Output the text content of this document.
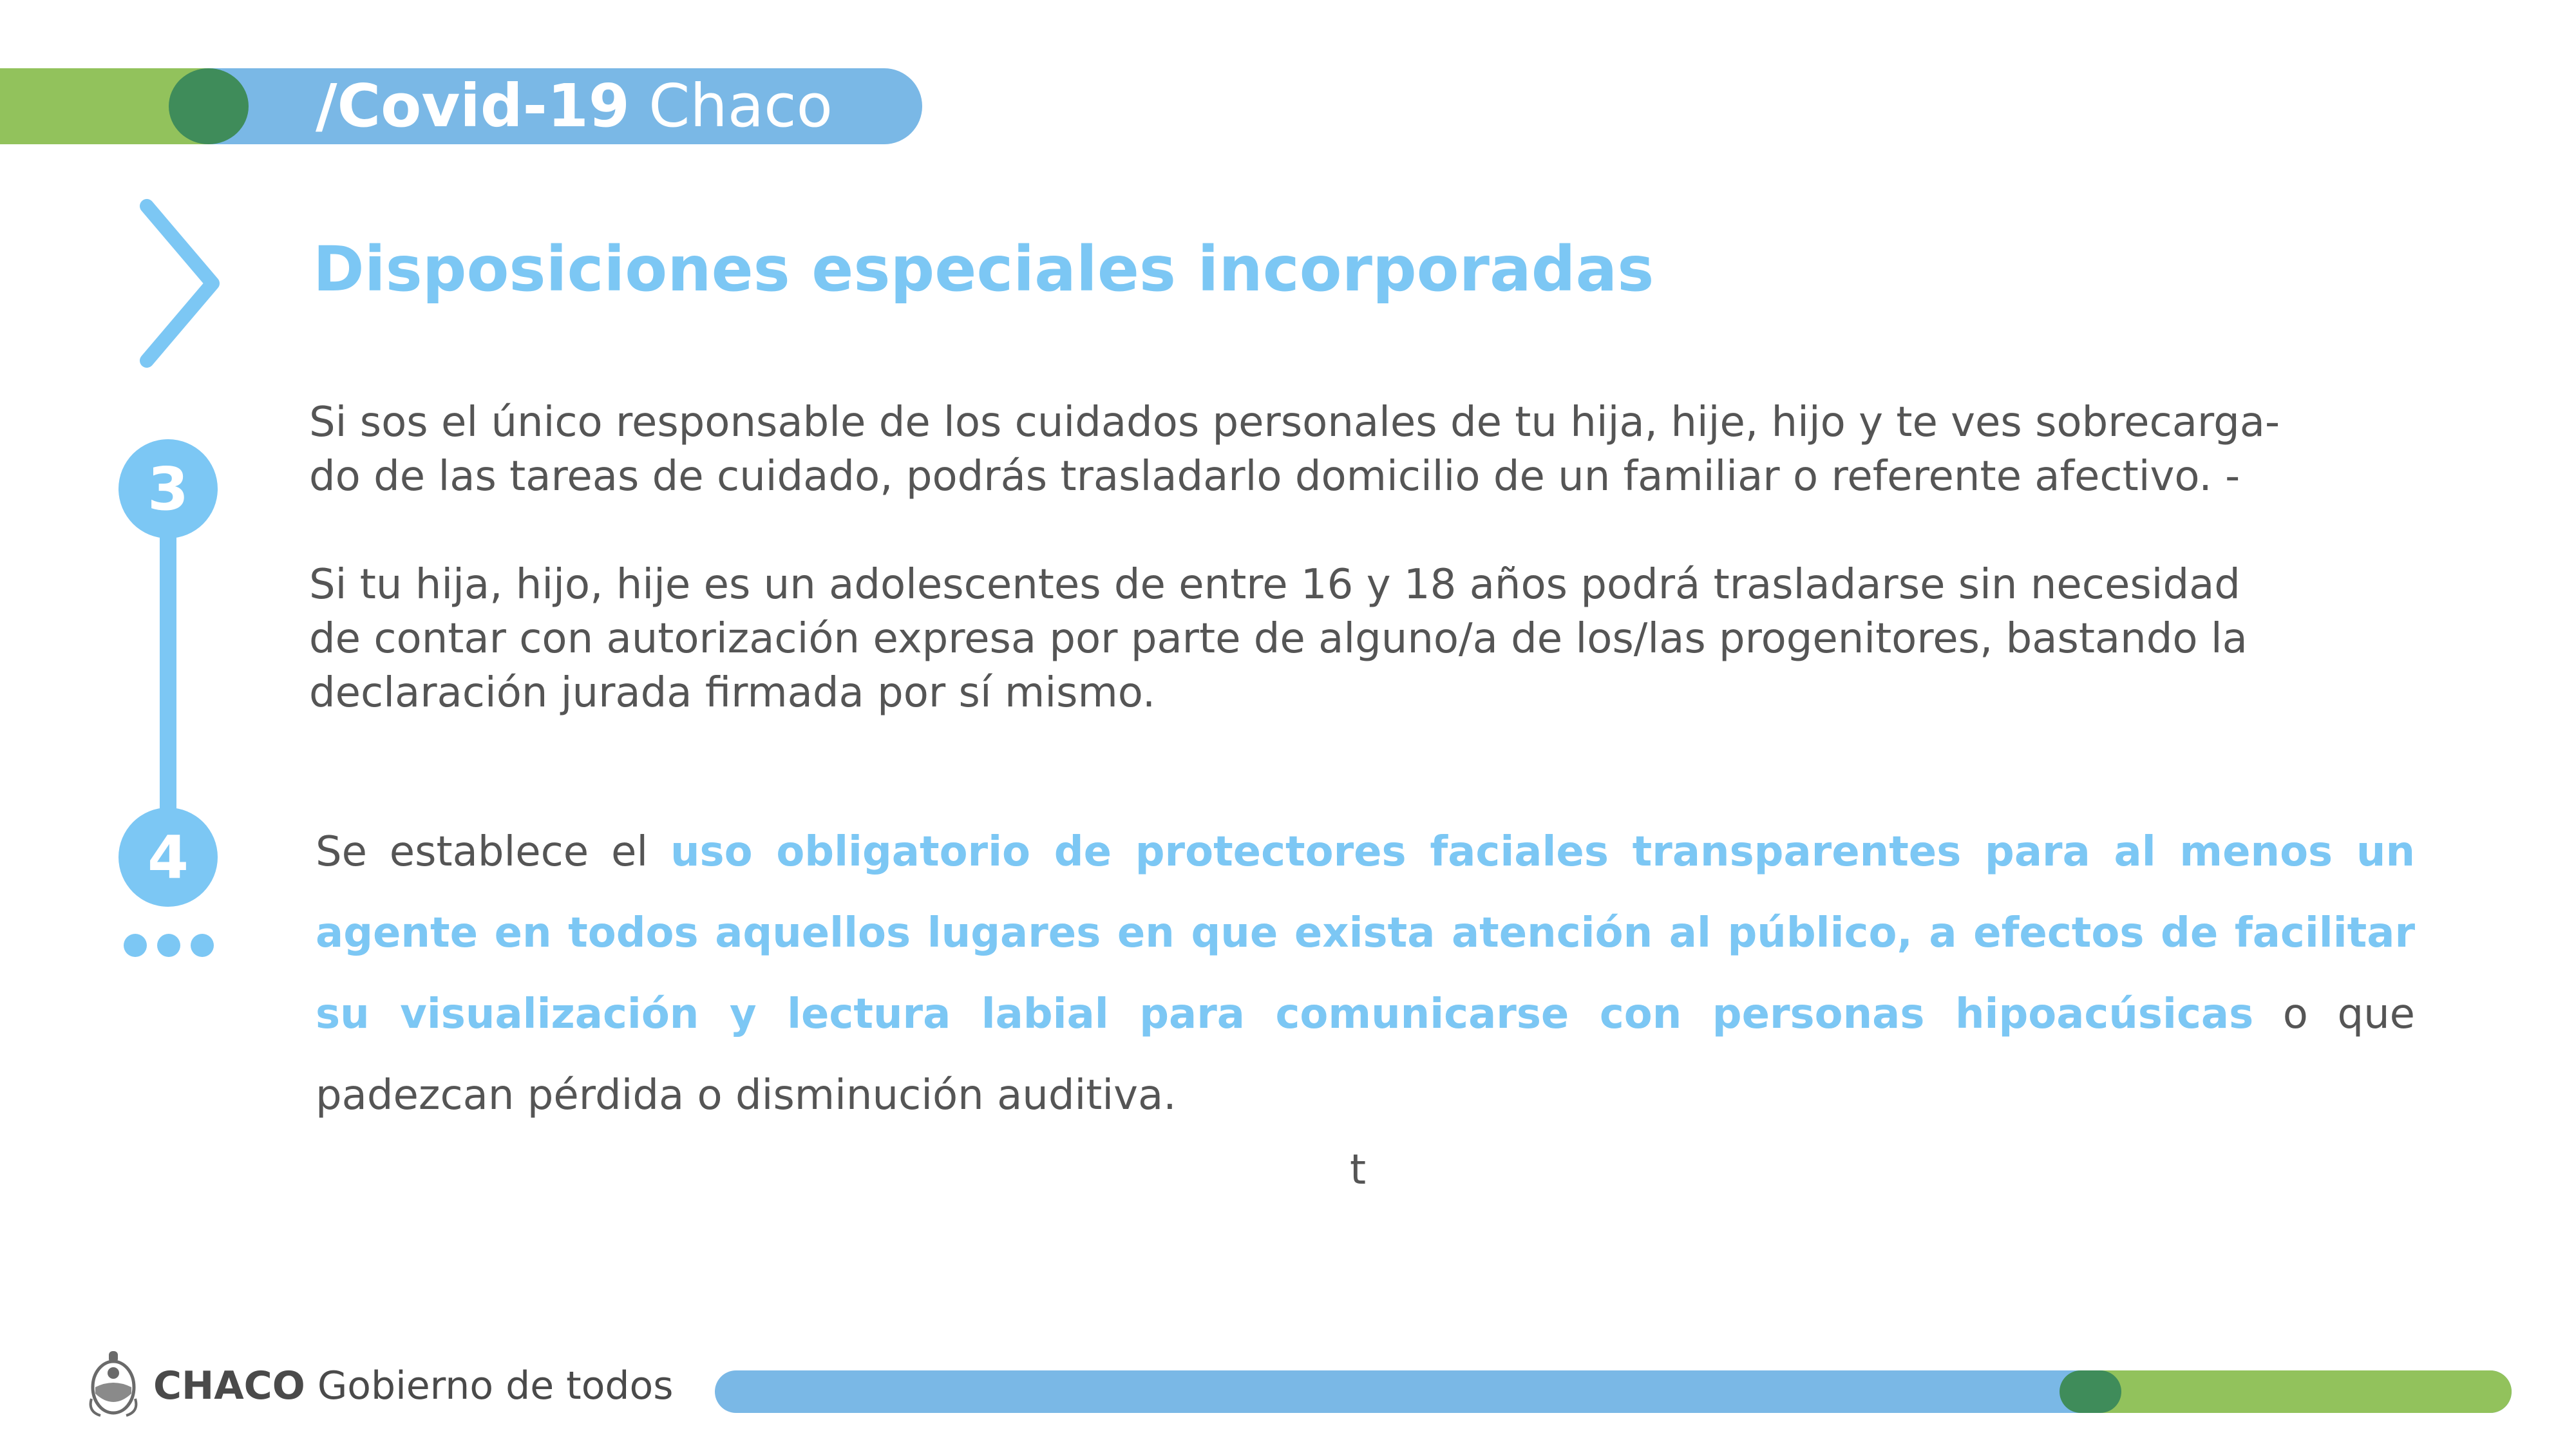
/Covid-19 Chaco
Disposiciones especiales incorporadas
3
4

Si sos el único responsable de los cuidados personales de tu hija, hije, hijo y te ves sobrecarga-

do de las tareas de cuidado, podrás trasladarlo domicilio de un familiar o referente afectivo. -

Si tu hija, hijo, hije es un adolescentes de entre 16 y 18 años podrá trasladarse sin necesidad

de contar con autorización expresa por parte de alguno/a de los/las progenitores, bastando la

declaración jurada firmada por sí mismo.

Se establece el uso obligatorio de protectores faciales transparentes para al menos un agente en todos aquellos lugares en que exista atención al público, a efectos de facilitar su visualización y lectura labial para comunicarse con personas hipoacúsicas o que padezcan pérdida o disminución auditiva.
t
CHACO Gobierno de todos
